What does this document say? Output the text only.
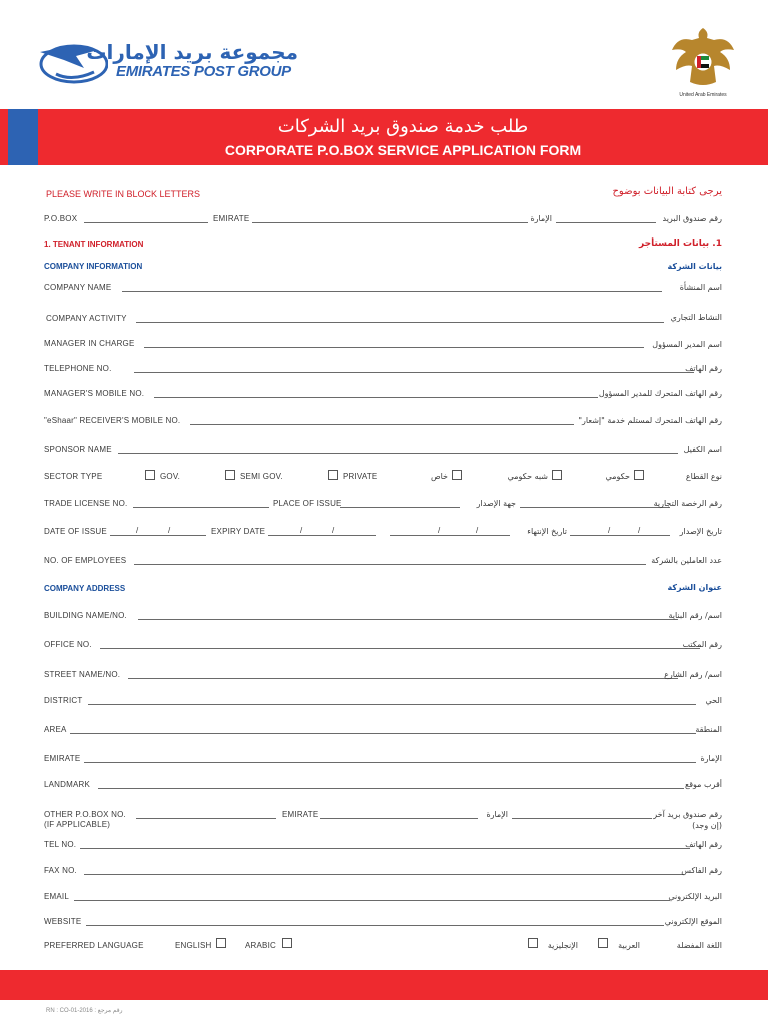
مجموعة بريد الإمارات
EMIRATES POST GROUP
United Arab Emirates
طلب خدمة صندوق بريد الشركات
CORPORATE P.O.BOX SERVICE APPLICATION FORM
PLEASE WRITE IN BLOCK LETTERS	يرجى كتابة البيانات بوضوح
P.O.BOX	EMIRATE	الإمارة	رقم صندوق البريد
1. TENANT INFORMATION	1. بيانات المستأجر
COMPANY INFORMATION	بيانات الشركة
COMPANY NAME	اسم المنشأة
COMPANY ACTIVITY	النشاط التجاري
MANAGER IN CHARGE	اسم المدير المسؤول
TELEPHONE NO.	رقم الهاتف
MANAGER'S MOBILE NO.	رقم الهاتف المتحرك للمدير المسؤول
"eShaar" RECEIVER'S MOBILE NO.	رقم الهاتف المتحرك لمستلم خدمة "إشعار"
SPONSOR NAME	اسم الكفيل
SECTOR TYPE	GOV.	SEMI GOV.	PRIVATE	خاص	شبه حكومي	حكومي	نوع القطاع
TRADE LICENSE NO.	PLACE OF ISSUE	جهة الإصدار	رقم الرخصة التجارية
DATE OF ISSUE	/	/	EXPIRY DATE	/	/	/	/	تاريخ الإنتهاء	/	/	تاريخ الإصدار
NO. OF EMPLOYEES	عدد العاملين بالشركة
COMPANY ADDRESS	عنوان الشركة
BUILDING NAME/NO.	اسم/ رقم البناية
OFFICE NO.	رقم المكتب
STREET NAME/NO.	اسم/ رقم الشارع
DISTRICT	الحي
AREA	المنطقة
EMIRATE	الإمارة
LANDMARK	أقرب موقع
OTHER P.O.BOX NO.
(IF APPLICABLE)
EMIRATE	الإمارة	رقم صندوق بريد آخر
(إن وجد)
TEL NO.	رقم الهاتف
FAX NO.	رقم الفاكس
EMAIL	البريد الإلكتروني
WEBSITE	الموقع الإلكتروني
PREFERRED LANGUAGE	ENGLISH	ARABIC	الإنجليزية	العربية	اللغة المفضلة
RN : CO-01-2016 : رقم مرجع
